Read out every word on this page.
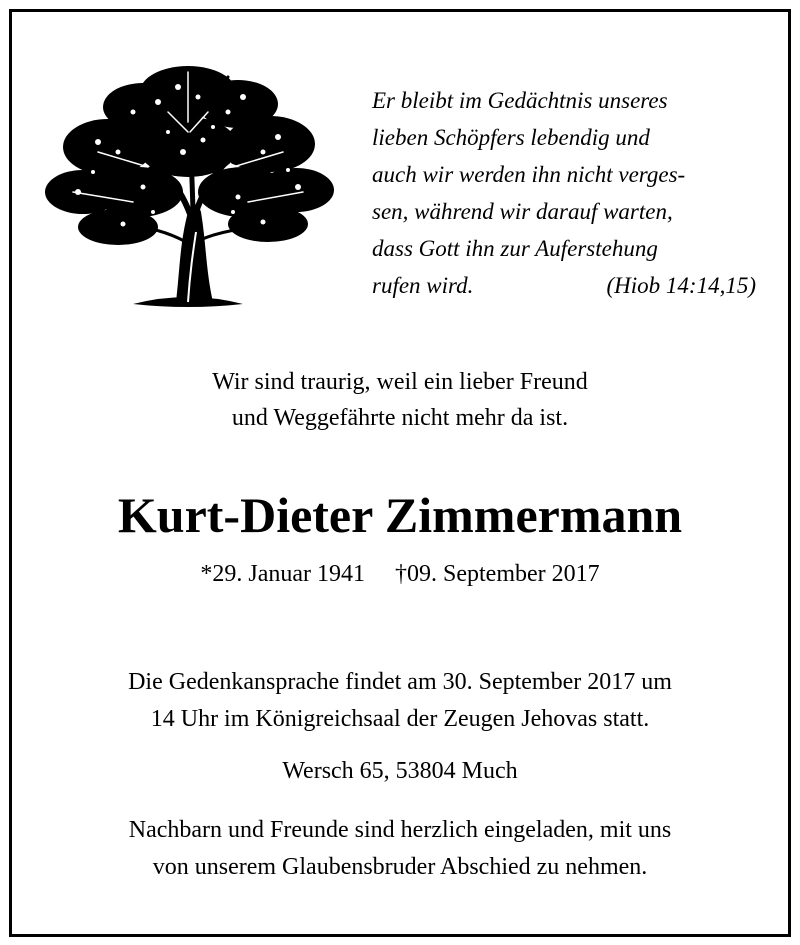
Er bleibt im Gedächtnis unseres
lieben Schöpfers lebendig und
auch wir werden ihn nicht verges-
sen, während wir darauf warten,
dass Gott ihn zur Auferstehung
rufen wird.	(Hiob 14:14,15)
Wir sind traurig, weil ein lieber Freund
und Weggefährte nicht mehr da ist.
Kurt-Dieter Zimmermann
*29. Januar 1941 †09. September 2017
Die Gedenkansprache findet am 30. September 2017 um
14 Uhr im Königreichsaal der Zeugen Jehovas statt.
Wersch 65, 53804 Much
Nachbarn und Freunde sind herzlich eingeladen, mit uns
von unserem Glaubensbruder Abschied zu nehmen.
